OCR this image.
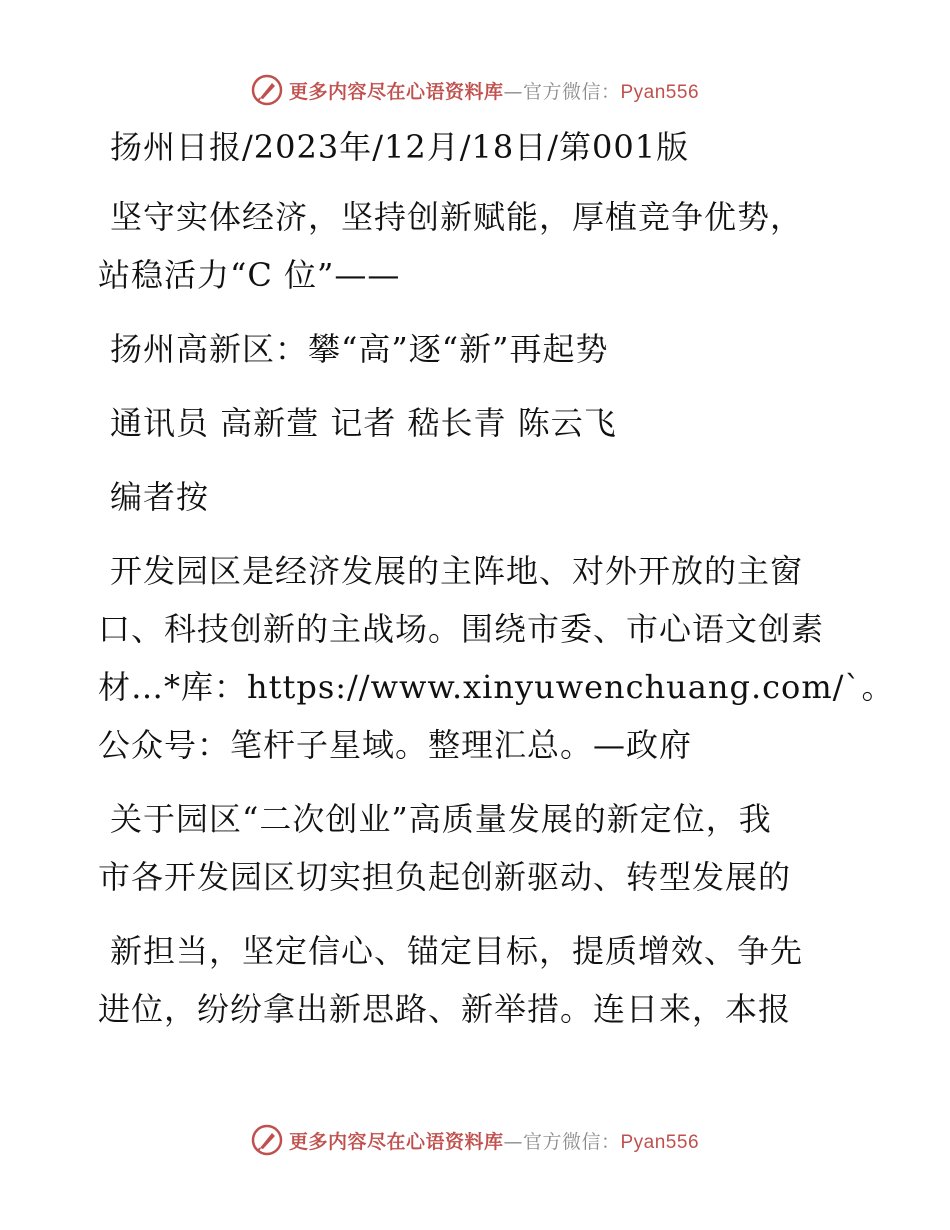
更多内容尽在心语资料库—官方微信：Pyan556

扬州日报/2023年/12月/18日/第001版

坚守实体经济，坚持创新赋能，厚植竞争优势，

站稳活力“C 位”——

扬州高新区：攀“高”逐“新”再起势

通讯员 高新萱 记者 嵇长青 陈云飞

编者按

开发园区是经济发展的主阵地、对外开放的主窗

口、科技创新的主战场。围绕市委、市心语文创素

材…*库：https://www.xinyuwenchuang.com/`。

公众号：笔杆子星域。整理汇总。—政府

关于园区“二次创业”高质量发展的新定位，我

市各开发园区切实担负起创新驱动、转型发展的

新担当，坚定信心、锚定目标，提质增效、争先

进位，纷纷拿出新思路、新举措。连日来，本报

更多内容尽在心语资料库—官方微信：Pyan556
